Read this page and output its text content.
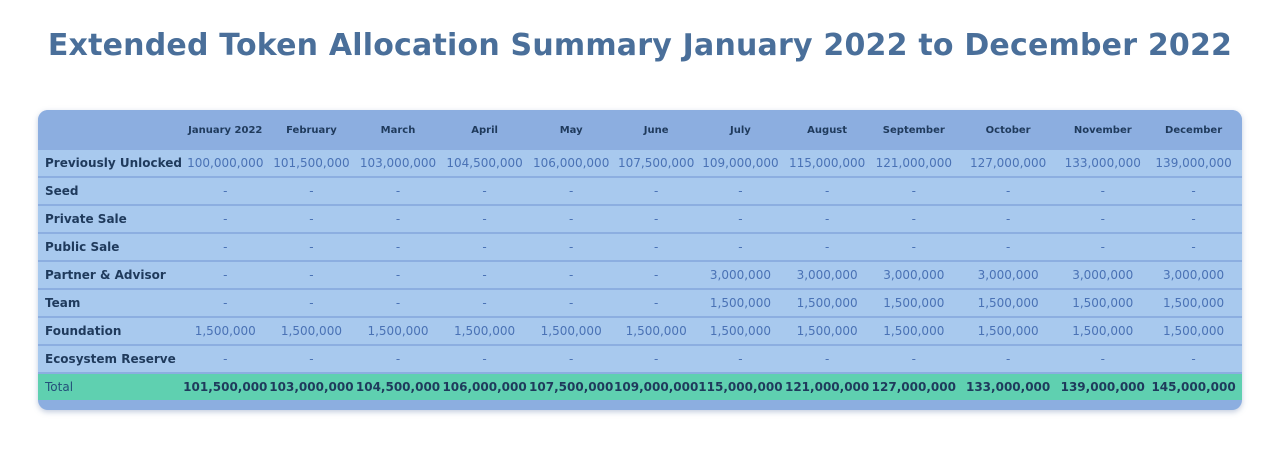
Extended Token Allocation Summary January 2022 to December 2022
	January 2022	February	March	April	May	June	July	August	September	October	November	December
Previously Unlocked	100,000,000	101,500,000	103,000,000	104,500,000	106,000,000	107,500,000	109,000,000	115,000,000	121,000,000	127,000,000	133,000,000	139,000,000
Seed	-	-	-	-	-	-	-	-	-	-	-	-
Private Sale	-	-	-	-	-	-	-	-	-	-	-	-
Public Sale	-	-	-	-	-	-	-	-	-	-	-	-
Partner & Advisor	-	-	-	-	-	-	3,000,000	3,000,000	3,000,000	3,000,000	3,000,000	3,000,000
Team	-	-	-	-	-	-	1,500,000	1,500,000	1,500,000	1,500,000	1,500,000	1,500,000
Foundation	1,500,000	1,500,000	1,500,000	1,500,000	1,500,000	1,500,000	1,500,000	1,500,000	1,500,000	1,500,000	1,500,000	1,500,000
Ecosystem Reserve	-	-	-	-	-	-	-	-	-	-	-	-
Total	101,500,000	103,000,000	104,500,000	106,000,000	107,500,000	109,000,000	115,000,000	121,000,000	127,000,000	133,000,000	139,000,000	145,000,000
